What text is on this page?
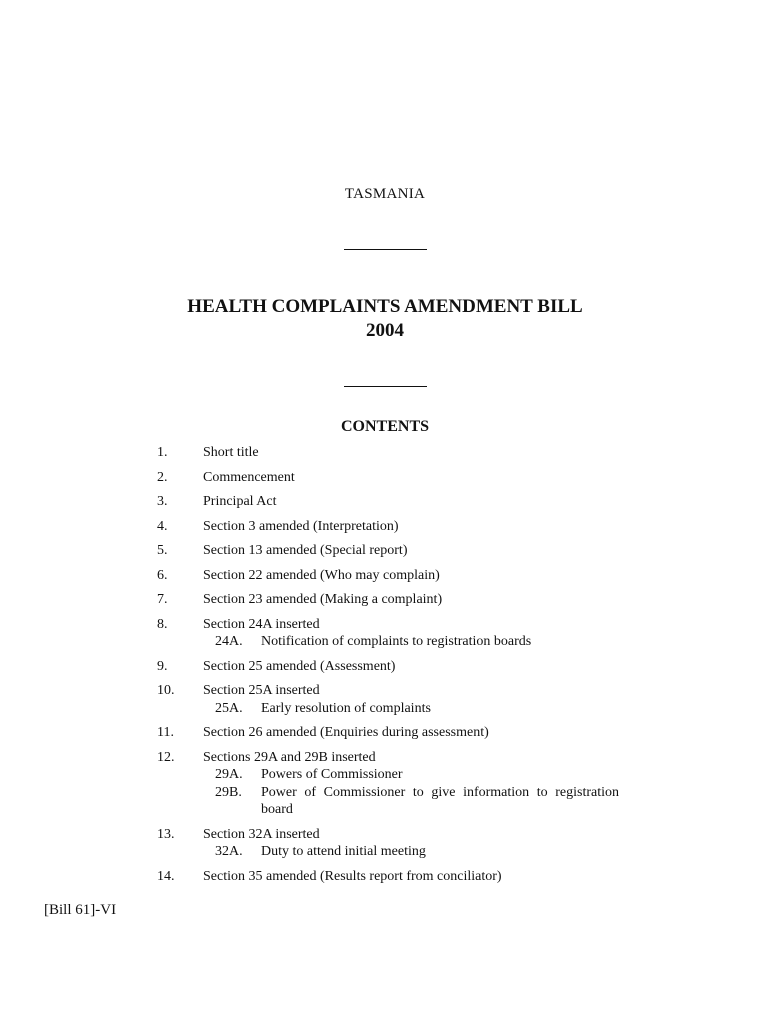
TASMANIA
HEALTH COMPLAINTS AMENDMENT BILL
2004
CONTENTS
1.	Short title
2.	Commencement
3.	Principal Act
4.	Section 3 amended (Interpretation)
5.	Section 13 amended (Special report)
6.	Section 22 amended (Who may complain)
7.	Section 23 amended (Making a complaint)
8.	Section 24A inserted
24A.	Notification of complaints to registration boards
9.	Section 25 amended (Assessment)
10.	Section 25A inserted
25A.	Early resolution of complaints
11.	Section 26 amended (Enquiries during assessment)
12.	Sections 29A and 29B inserted
29A.	Powers of Commissioner
29B.	Power of Commissioner to give information to registration board
13.	Section 32A inserted
32A.	Duty to attend initial meeting
14.	Section 35 amended (Results report from conciliator)
[Bill 61]-VI
